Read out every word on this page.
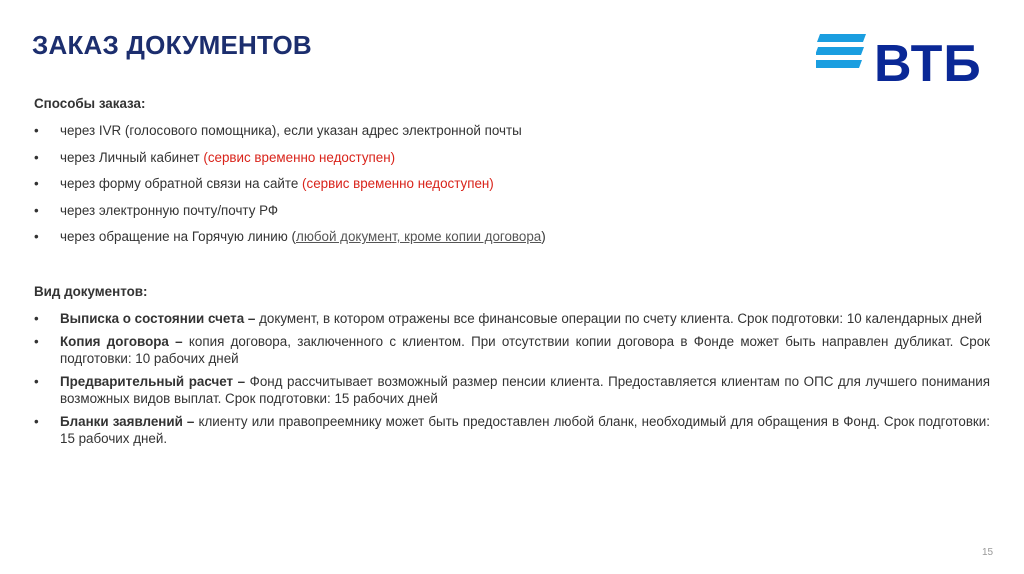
ЗАКАЗ ДОКУМЕНТОВ	ВТБ
Способы заказа:
• через IVR (голосового помощника), если указан адрес электронной почты
• через Личный кабинет (сервис временно недоступен)
• через форму обратной связи на сайте (сервис временно недоступен)
• через электронную почту/почту РФ
• через обращение на Горячую линию (любой документ, кроме копии договора)
Вид документов:
• Выписка о состоянии счета – документ, в котором отражены все финансовые операции по счету клиента. Срок подготовки: 10 календарных дней
• Копия договора – копия договора, заключенного с клиентом. При отсутствии копии договора в Фонде может быть направлен дубликат. Срок подготовки: 10 рабочих дней
• Предварительный расчет – Фонд рассчитывает возможный размер пенсии клиента. Предоставляется клиентам по ОПС для лучшего понимания возможных видов выплат. Срок подготовки: 15 рабочих дней
• Бланки заявлений – клиенту или правопреемнику может быть предоставлен любой бланк, необходимый для обращения в Фонд. Срок подготовки: 15 рабочих дней.
15
